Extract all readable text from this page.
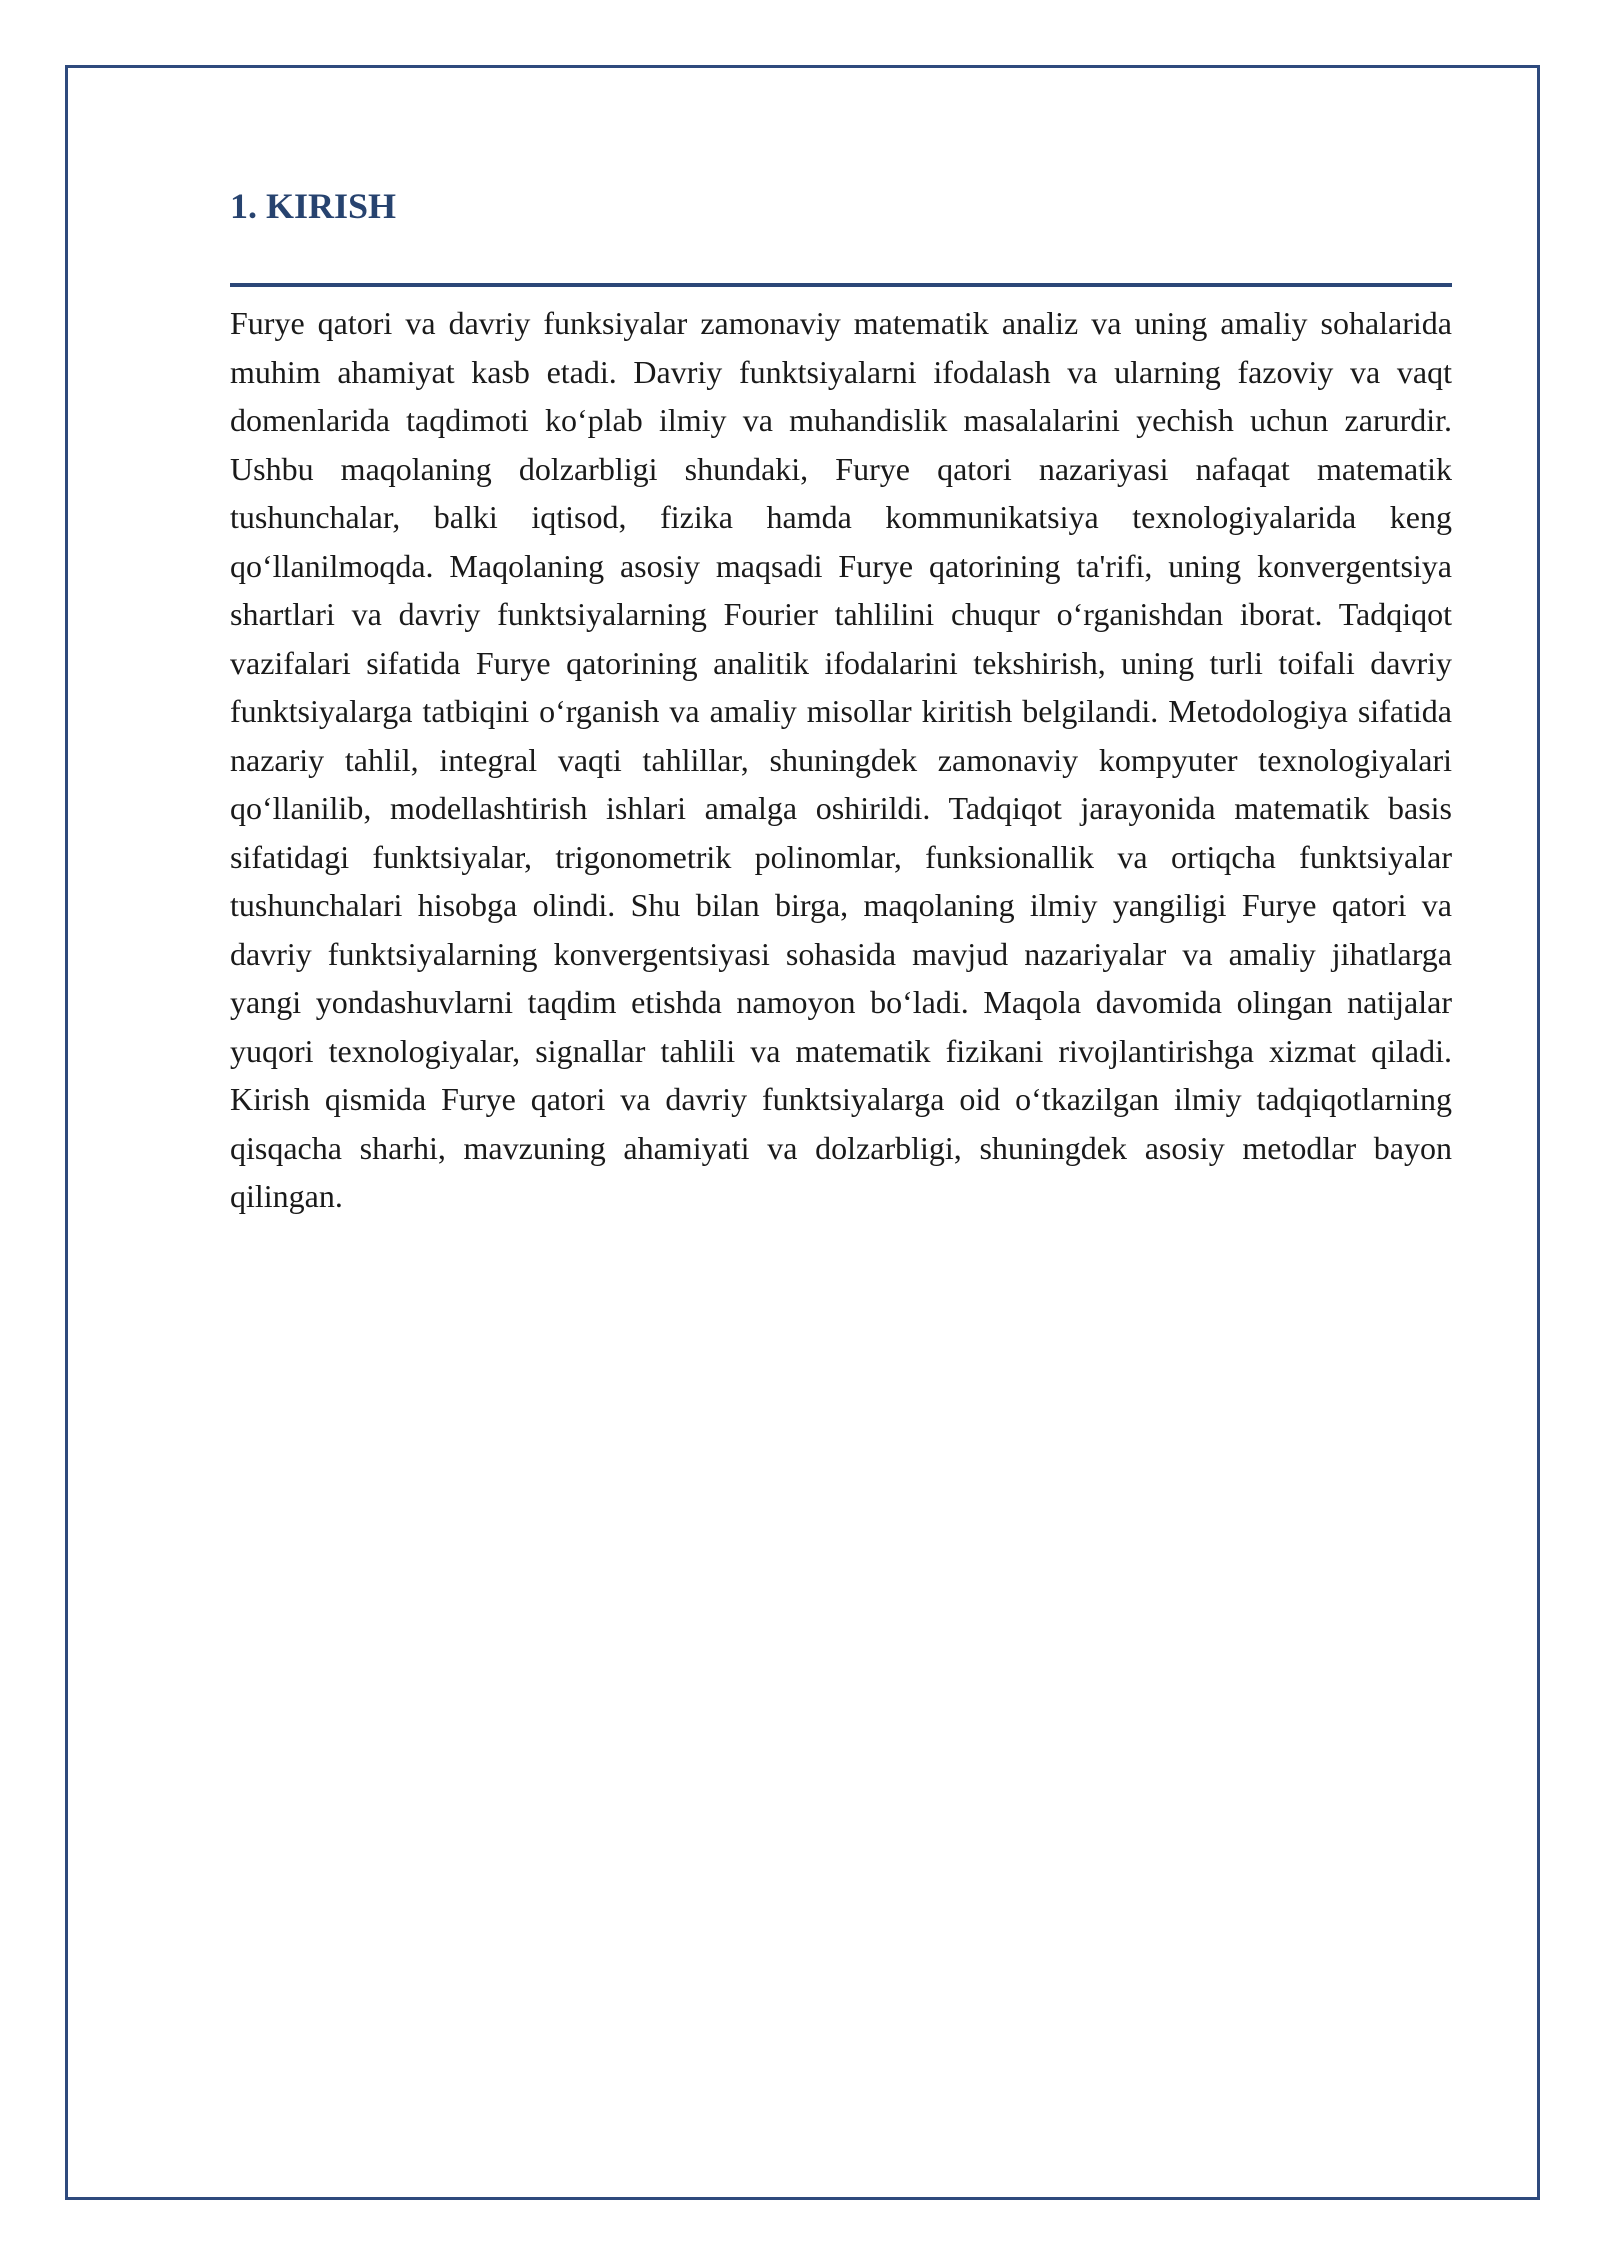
1. KIRISH

Furye qatori va davriy funksiyalar zamonaviy matematik analiz va uning amaliy sohalarida muhim ahamiyat kasb etadi. Davriy funktsiyalarni ifodalash va ularning fazoviy va vaqt domenlarida taqdimoti koʻplab ilmiy va muhandislik masalalarini yechish uchun zarurdir. Ushbu maqolaning dolzarbligi shundaki, Furye qatori nazariyasi nafaqat matematik tushunchalar, balki iqtisod, fizika hamda kommunikatsiya texnologiyalarida keng qoʻllanilmoqda. Maqolaning asosiy maqsadi Furye qatorining ta'rifi, uning konvergentsiya shartlari va davriy funktsiyalarning Fourier tahlilini chuqur oʻrganishdan iborat. Tadqiqot vazifalari sifatida Furye qatorining analitik ifodalarini tekshirish, uning turli toifali davriy funktsiyalarga tatbiqini oʻrganish va amaliy misollar kiritish belgilandi. Metodologiya sifatida nazariy tahlil, integral vaqti tahlillar, shuningdek zamonaviy kompyuter texnologiyalari qoʻllanilib, modellashtirish ishlari amalga oshirildi. Tadqiqot jarayonida matematik basis sifatidagi funktsiyalar, trigonometrik polinomlar, funksionallik va ortiqcha funktsiyalar tushunchalari hisobga olindi. Shu bilan birga, maqolaning ilmiy yangiligi Furye qatori va davriy funktsiyalarning konvergentsiyasi sohasida mavjud nazariyalar va amaliy jihatlarga yangi yondashuvlarni taqdim etishda namoyon boʻladi. Maqola davomida olingan natijalar yuqori texnologiyalar, signallar tahlili va matematik fizikani rivojlantirishga xizmat qiladi. Kirish qismida Furye qatori va davriy funktsiyalarga oid oʻtkazilgan ilmiy tadqiqotlarning qisqacha sharhi, mavzuning ahamiyati va dolzarbligi, shuningdek asosiy metodlar bayon qilingan.
